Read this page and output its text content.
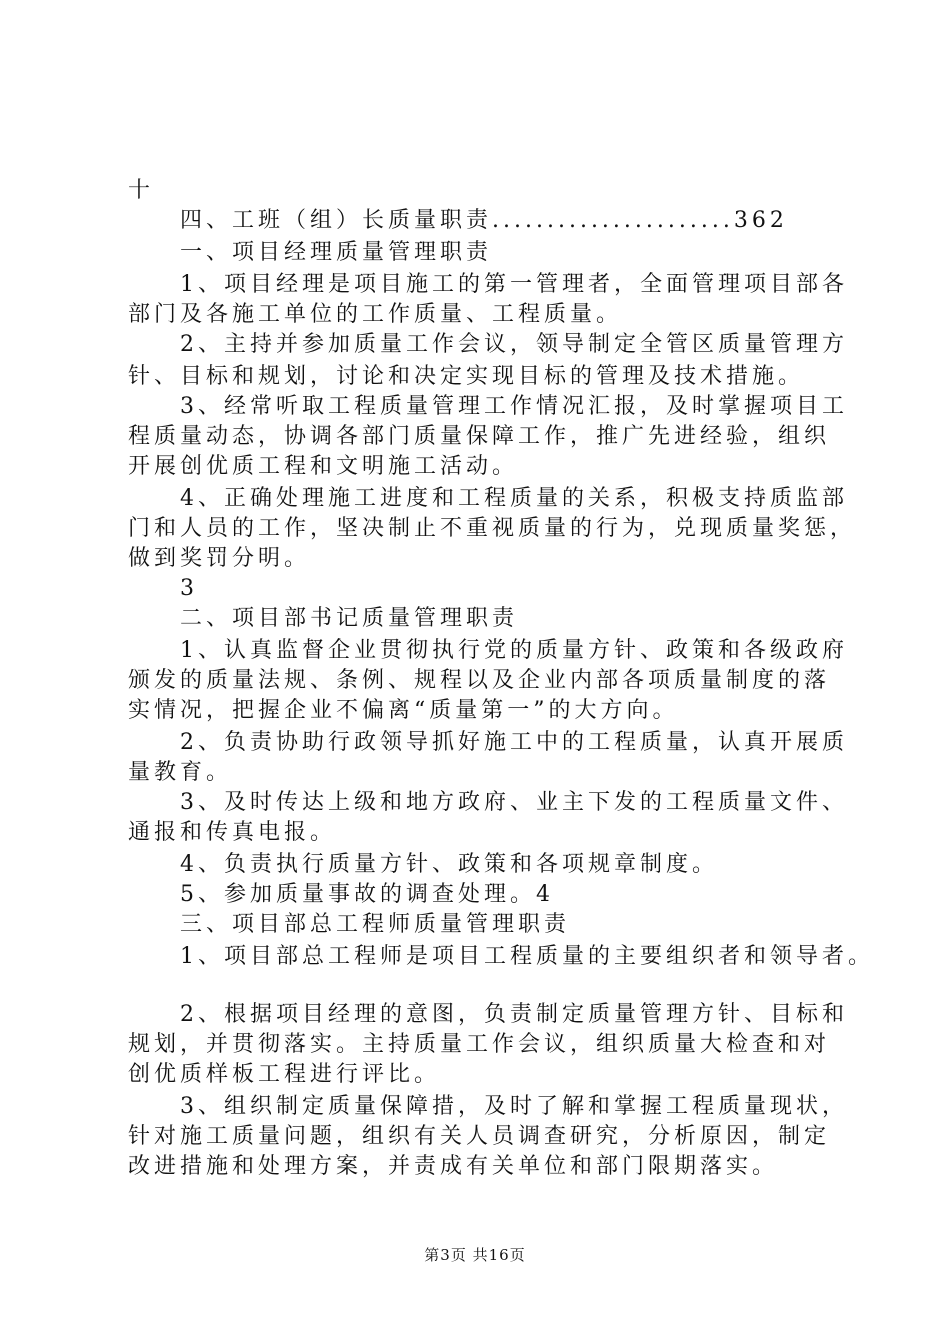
十
四、工班（组）长质量职责......................362
一、项目经理质量管理职责
1、项目经理是项目施工的第一管理者，全面管理项目部各
部门及各施工单位的工作质量、工程质量。
2、主持并参加质量工作会议，领导制定全管区质量管理方
针、目标和规划，讨论和决定实现目标的管理及技术措施。
3、经常听取工程质量管理工作情况汇报，及时掌握项目工
程质量动态，协调各部门质量保障工作，推广先进经验，组织
开展创优质工程和文明施工活动。
4、正确处理施工进度和工程质量的关系，积极支持质监部
门和人员的工作，坚决制止不重视质量的行为，兑现质量奖惩，
做到奖罚分明。
3
二、项目部书记质量管理职责
1、认真监督企业贯彻执行党的质量方针、政策和各级政府
颁发的质量法规、条例、规程以及企业内部各项质量制度的落
实情况，把握企业不偏离“质量第一”的大方向。
2、负责协助行政领导抓好施工中的工程质量，认真开展质
量教育。
3、及时传达上级和地方政府、业主下发的工程质量文件、
通报和传真电报。
4、负责执行质量方针、政策和各项规章制度。
5、参加质量事故的调查处理。4
三、项目部总工程师质量管理职责
1、项目部总工程师是项目工程质量的主要组织者和领导者。
2、根据项目经理的意图，负责制定质量管理方针、目标和
规划，并贯彻落实。主持质量工作会议，组织质量大检查和对
创优质样板工程进行评比。
3、组织制定质量保障措，及时了解和掌握工程质量现状，
针对施工质量问题，组织有关人员调查研究，分析原因，制定
改进措施和处理方案，并责成有关单位和部门限期落实。
第3页 共16页
